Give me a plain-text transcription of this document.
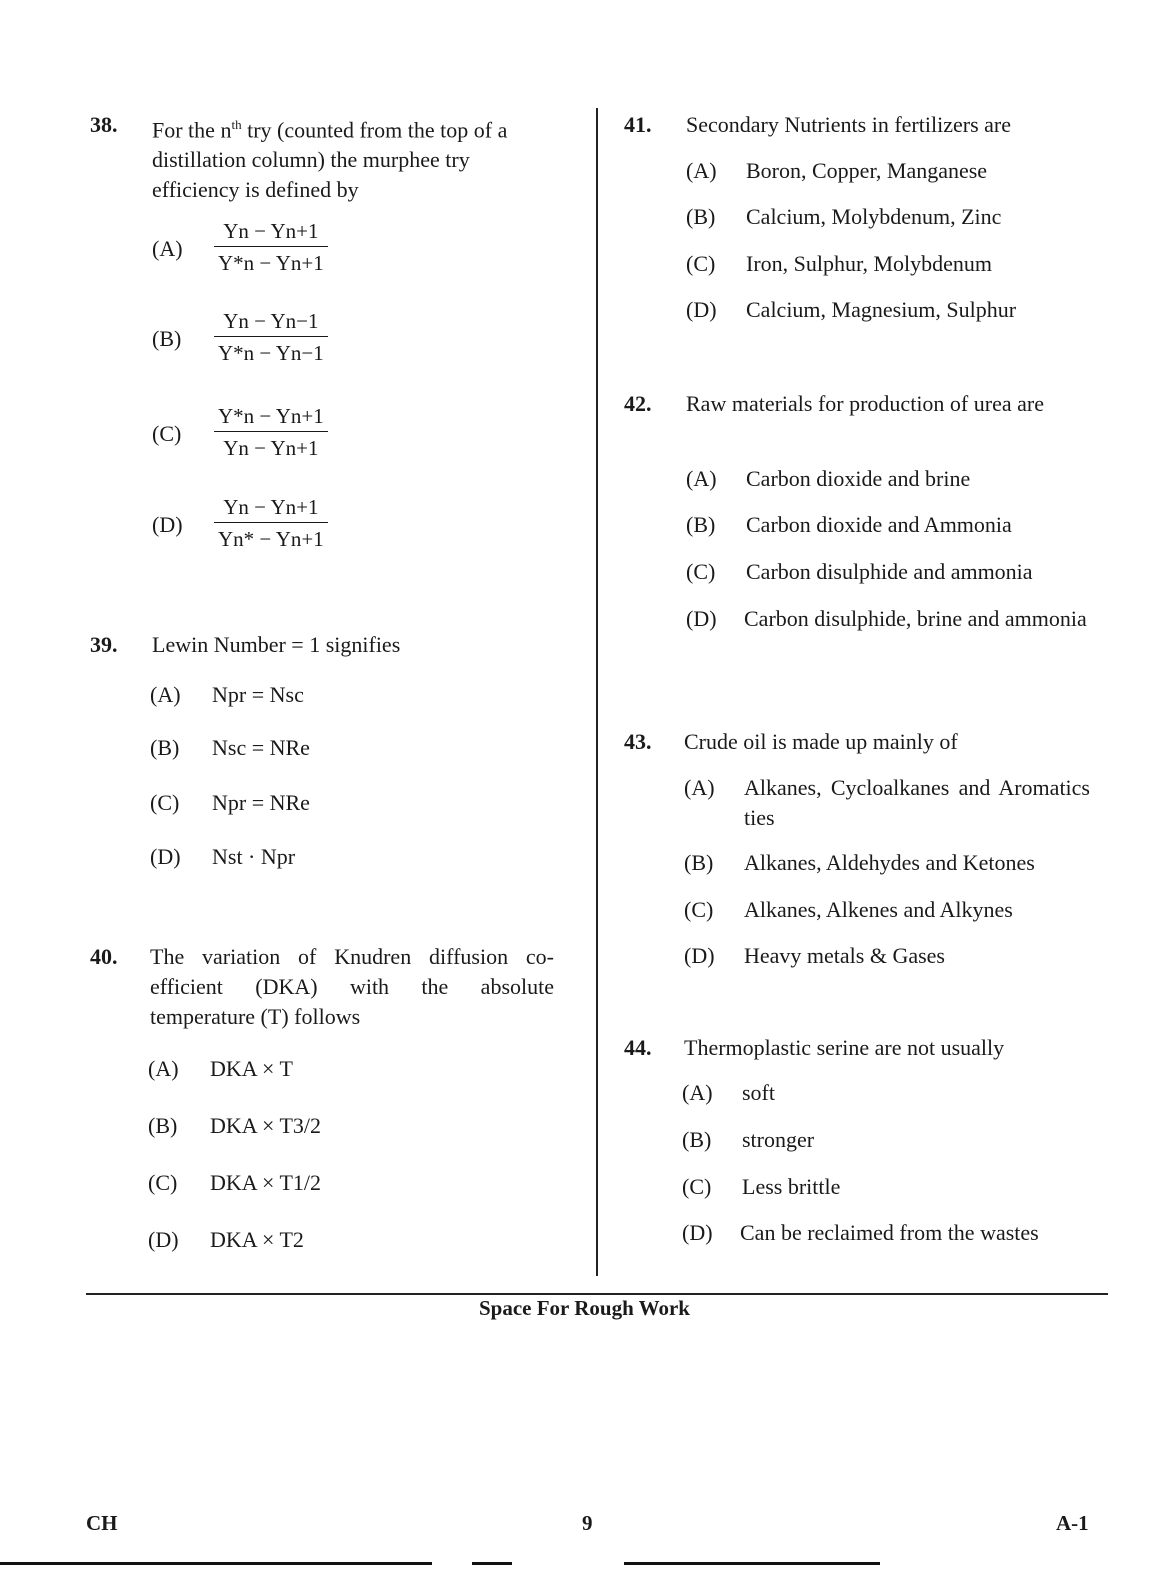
38. For the $n^{th}$ try (counted from the top of a distillation column) the murphee try efficiency is defined by
$(A) \frac{Yn - Yn+1}{Y*n - Yn+1}$
$(B) \frac{Yn - Yn-1}{Y*n - Yn-1}$
$(C) \frac{Y*n - Yn+1}{Yn - Yn+1}$
$(D) \frac{Yn - Yn+1}{Yn* - Yn+1}$
39. Lewin Number = 1 signifies
(A) Npr = Nsc
(B) Nsc = NRe
(C) Npr = NRe
(D) Nst · Npr
40. The variation of Knudren diffusion co-efficient (DKA) with the absolute temperature (T) follows
(A) DKA × T
(B) DKA × T3/2
(C) DKA × T1/2
(D) DKA × T2
41. Secondary Nutrients in fertilizers are
(A) Boron, Copper, Manganese
(B) Calcium, Molybdenum, Zinc
(C) Iron, Sulphur, Molybdenum
(D) Calcium, Magnesium, Sulphur
42. Raw materials for production of urea are
(A) Carbon dioxide and brine
(B) Carbon dioxide and Ammonia
(C) Carbon disulphide and ammonia
(D) Carbon disulphide, brine and ammonia
43. Crude oil is made up mainly of
(A) Alkanes, Cycloalkanes and Aromatics ties
(B) Alkanes, Aldehydes and Ketones
(C) Alkanes, Alkenes and Alkynes
(D) Heavy metals & Gases
44. Thermoplastic serine are not usually
(A) soft
(B) stronger
(C) Less brittle
(D) Can be reclaimed from the wastes
Space For Rough Work
CH	9	A-1
